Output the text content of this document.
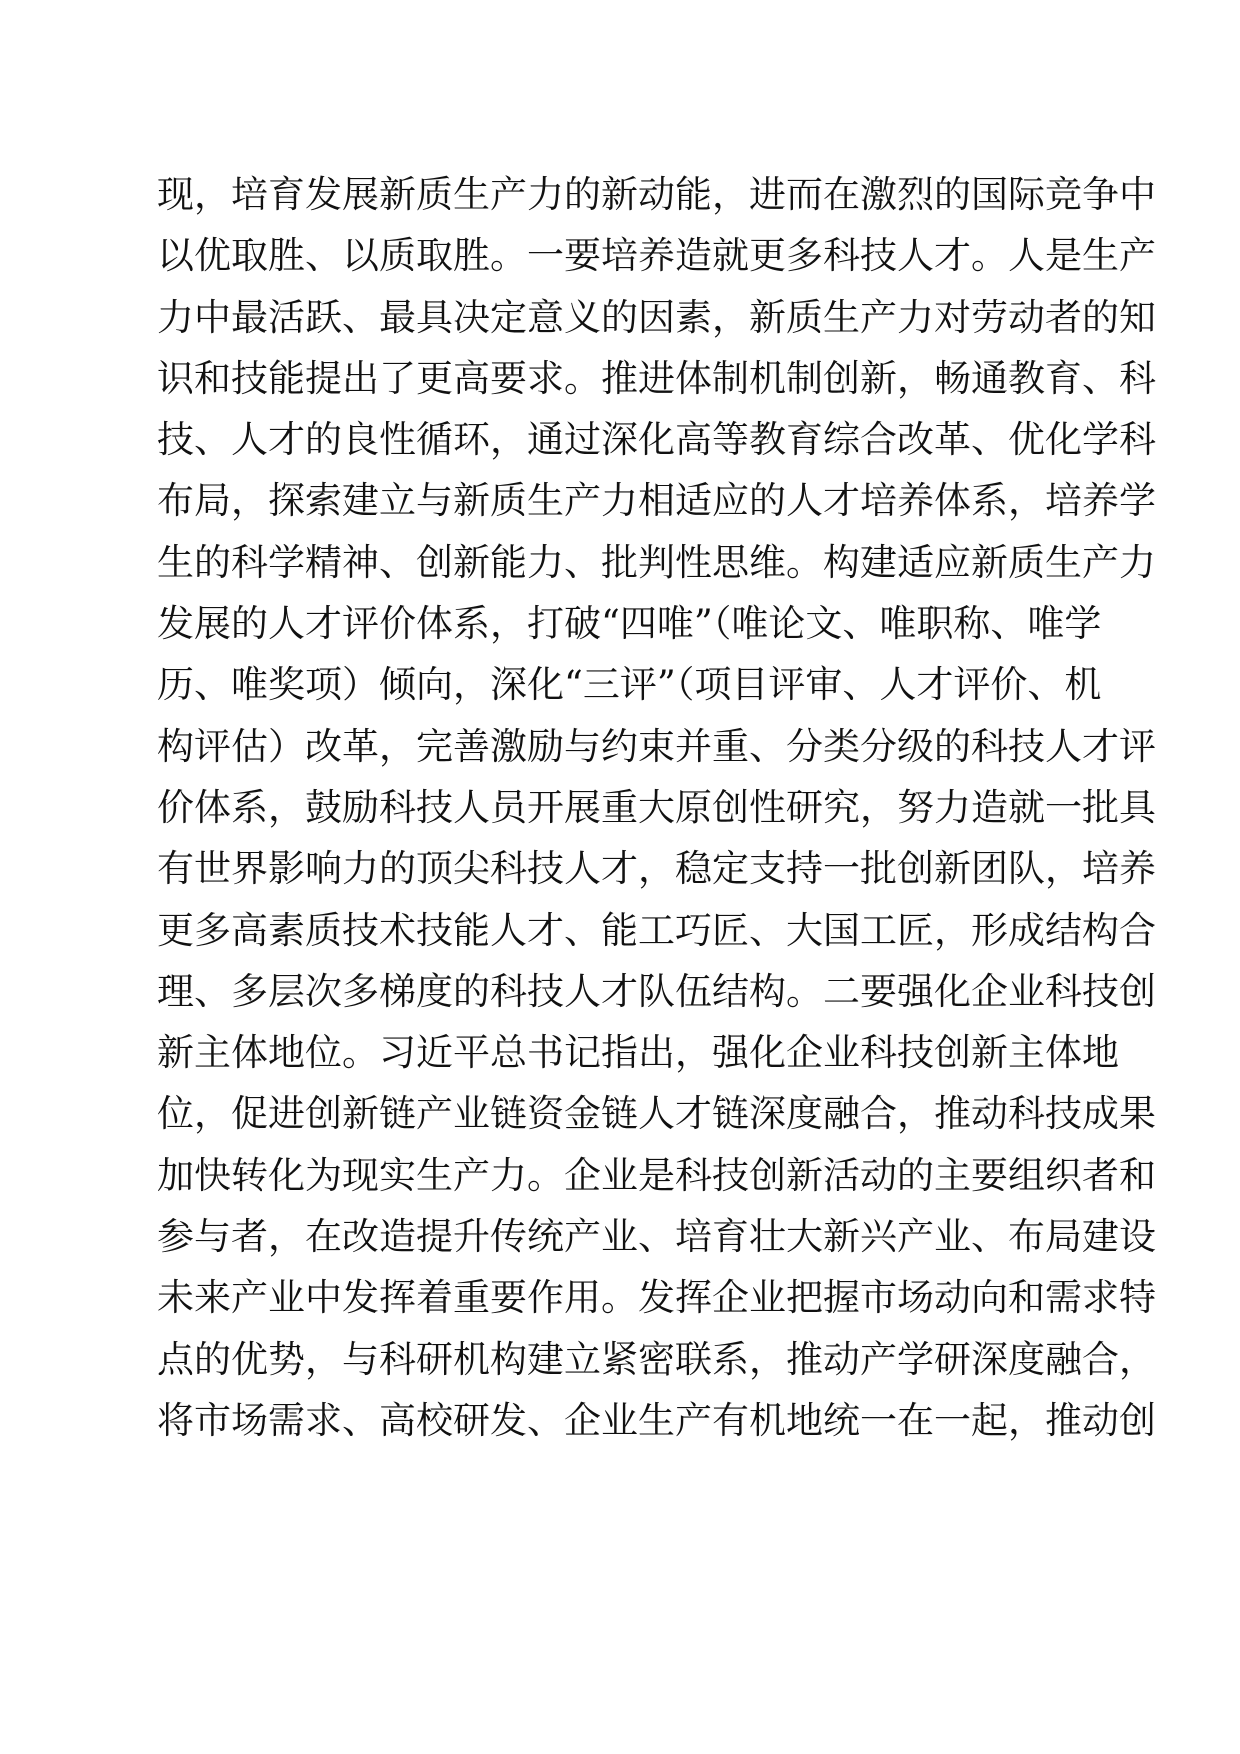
现，培育发展新质生产力的新动能，进而在激烈的国际竞争中
以优取胜、以质取胜。一要培养造就更多科技人才。人是生产
力中最活跃、最具决定意义的因素，新质生产力对劳动者的知
识和技能提出了更高要求。推进体制机制创新，畅通教育、科
技、人才的良性循环，通过深化高等教育综合改革、优化学科
布局，探索建立与新质生产力相适应的人才培养体系，培养学
生的科学精神、创新能力、批判性思维。构建适应新质生产力
发展的人才评价体系，打破“四唯”（唯论文、唯职称、唯学
历、唯奖项）倾向，深化“三评”（项目评审、人才评价、机
构评估）改革，完善激励与约束并重、分类分级的科技人才评
价体系，鼓励科技人员开展重大原创性研究，努力造就一批具
有世界影响力的顶尖科技人才，稳定支持一批创新团队，培养
更多高素质技术技能人才、能工巧匠、大国工匠，形成结构合
理、多层次多梯度的科技人才队伍结构。二要强化企业科技创
新主体地位。习近平总书记指出，强化企业科技创新主体地
位，促进创新链产业链资金链人才链深度融合，推动科技成果
加快转化为现实生产力。企业是科技创新活动的主要组织者和
参与者，在改造提升传统产业、培育壮大新兴产业、布局建设
未来产业中发挥着重要作用。发挥企业把握市场动向和需求特
点的优势，与科研机构建立紧密联系，推动产学研深度融合，
将市场需求、高校研发、企业生产有机地统一在一起，推动创
